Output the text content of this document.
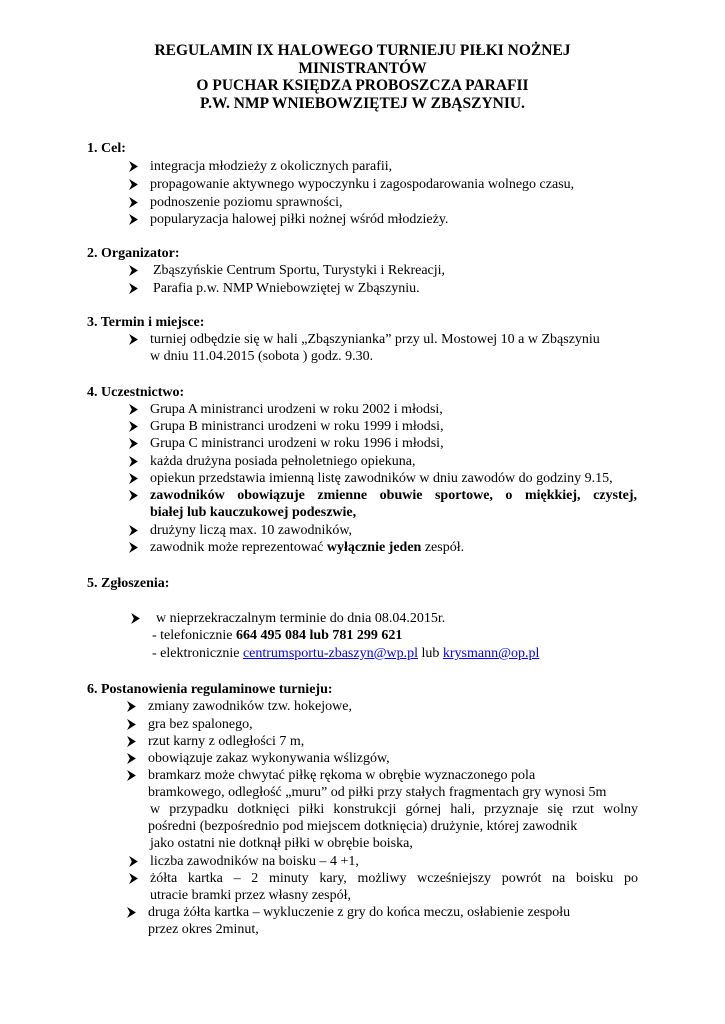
REGULAMIN IX HALOWEGO TURNIEJU PIŁKI NOŻNEJ
MINISTRANTÓW
O PUCHAR KSIĘDZA PROBOSZCZA PARAFII
P.W. NMP WNIEBOWZIĘTEJ W ZBĄSZYNIU.
1. Cel:
integracja młodzieży z okolicznych parafii,
propagowanie aktywnego wypoczynku i zagospodarowania wolnego czasu,
podnoszenie poziomu sprawności,
popularyzacja halowej piłki nożnej wśród młodzieży.
2. Organizator:
Zbąszyńskie Centrum Sportu, Turystyki i Rekreacji,
Parafia p.w. NMP Wniebowziętej w Zbąszyniu.
3. Termin i miejsce:
turniej odbędzie się w hali „Zbąszynianka” przy ul. Mostowej 10 a w Zbąszyniu
w dniu 11.04.2015 (sobota ) godz. 9.30.
4. Uczestnictwo:
Grupa A ministranci urodzeni w roku 2002 i młodsi,
Grupa B ministranci urodzeni w roku 1999 i młodsi,
Grupa C ministranci urodzeni w roku 1996 i młodsi,
każda drużyna posiada pełnoletniego opiekuna,
opiekun przedstawia imienną listę zawodników w dniu zawodów do godziny 9.15,
zawodników obowiązuje zmienne obuwie sportowe, o miękkiej, czystej,
białej lub kauczukowej podeszwie,
drużyny liczą max. 10 zawodników,
zawodnik może reprezentować wyłącznie jeden zespół.
5. Zgłoszenia:
w nieprzekraczalnym terminie do dnia 08.04.2015r.
- telefonicznie 664 495 084 lub 781 299 621
- elektronicznie centrumsportu-zbaszyn@wp.pl lub krysmann@op.pl
6. Postanowienia regulaminowe turnieju:
zmiany zawodników tzw. hokejowe,
gra bez spalonego,
rzut karny z odległości 7 m,
obowiązuje zakaz wykonywania wślizgów,
bramkarz może chwytać piłkę rękoma w obrębie wyznaczonego pola
bramkowego, odległość „muru” od piłki przy stałych fragmentach gry wynosi 5m
w przypadku dotknięci piłki konstrukcji górnej hali, przyznaje się rzut wolny
pośredni (bezpośrednio pod miejscem dotknięcia) drużynie, której zawodnik
jako ostatni nie dotknął piłki w obrębie boiska,
liczba zawodników na boisku – 4 +1,
żółta kartka – 2 minuty kary, możliwy wcześniejszy powrót na boisku po
utracie bramki przez własny zespół,
druga żółta kartka – wykluczenie z gry do końca meczu, osłabienie zespołu
przez okres 2minut,
